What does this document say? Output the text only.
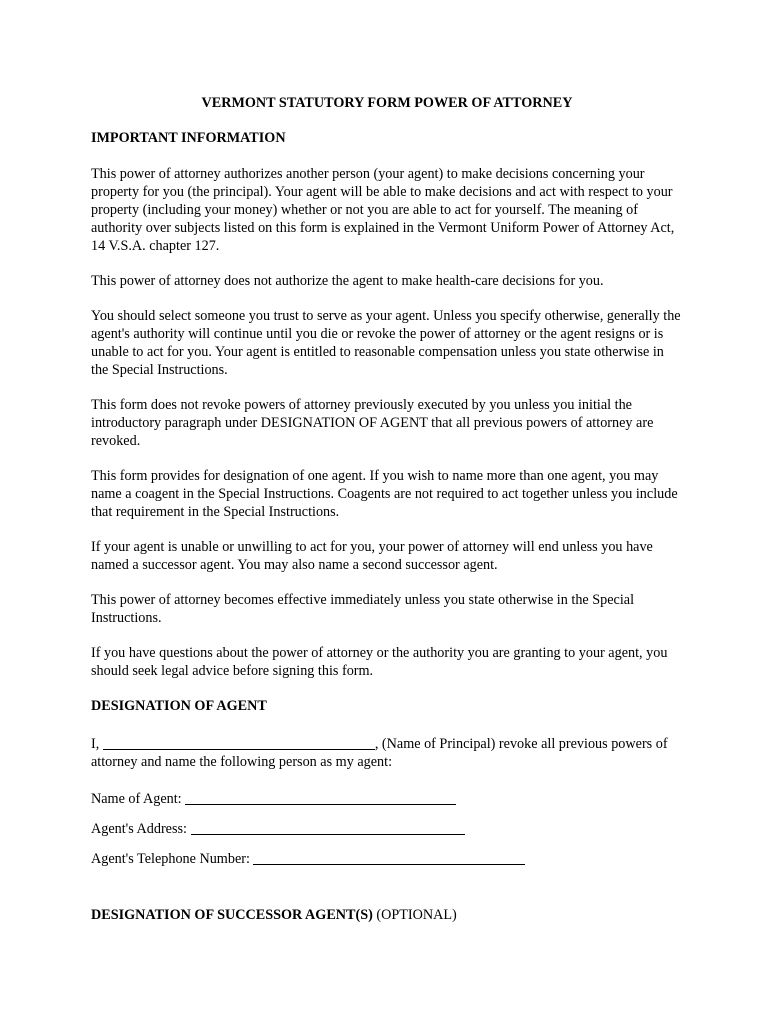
VERMONT STATUTORY FORM POWER OF ATTORNEY
IMPORTANT INFORMATION
This power of attorney authorizes another person (your agent) to make decisions concerning your property for you (the principal). Your agent will be able to make decisions and act with respect to your property (including your money) whether or not you are able to act for yourself. The meaning of authority over subjects listed on this form is explained in the Vermont Uniform Power of Attorney Act, 14 V.S.A. chapter 127.
This power of attorney does not authorize the agent to make health-care decisions for you.
You should select someone you trust to serve as your agent. Unless you specify otherwise, generally the agent's authority will continue until you die or revoke the power of attorney or the agent resigns or is unable to act for you. Your agent is entitled to reasonable compensation unless you state otherwise in the Special Instructions.
This form does not revoke powers of attorney previously executed by you unless you initial the introductory paragraph under DESIGNATION OF AGENT that all previous powers of attorney are revoked.
This form provides for designation of one agent. If you wish to name more than one agent, you may name a coagent in the Special Instructions. Coagents are not required to act together unless you include that requirement in the Special Instructions.
If your agent is unable or unwilling to act for you, your power of attorney will end unless you have named a successor agent. You may also name a second successor agent.
This power of attorney becomes effective immediately unless you state otherwise in the Special Instructions.
If you have questions about the power of attorney or the authority you are granting to your agent, you should seek legal advice before signing this form.
DESIGNATION OF AGENT
I,	, (Name of Principal) revoke all previous powers of attorney and name the following person as my agent:
Name of Agent:
Agent's Address:
Agent's Telephone Number:
DESIGNATION OF SUCCESSOR AGENT(S) (OPTIONAL)
